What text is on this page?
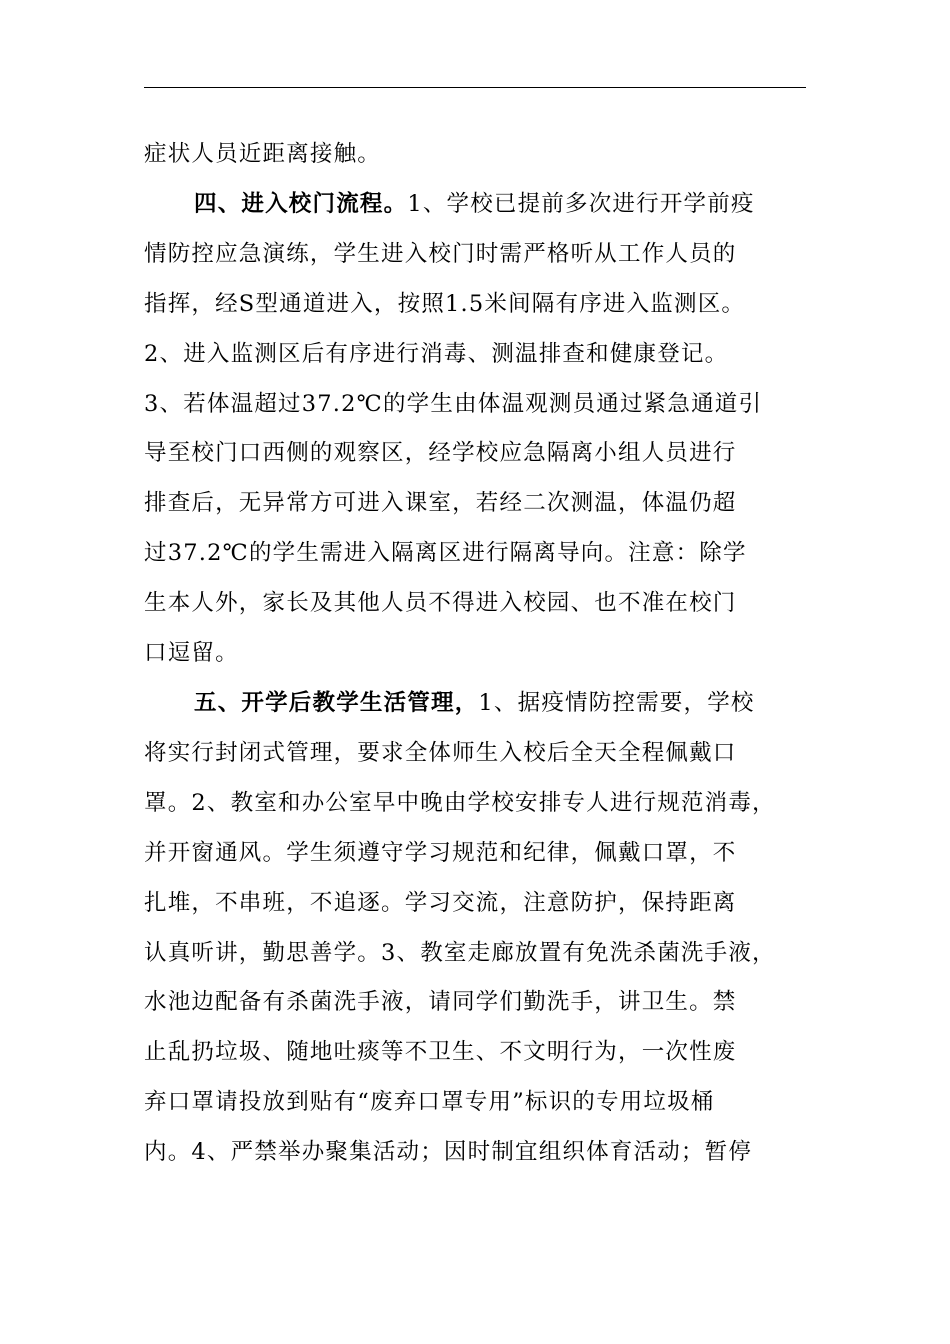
症状人员近距离接触。
四、进入校门流程。1、学校已提前多次进行开学前疫
情防控应急演练，学生进入校门时需严格听从工作人员的
指挥，经S型通道进入，按照1.5米间隔有序进入监测区。
2、进入监测区后有序进行消毒、测温排查和健康登记。
3、若体温超过37.2℃的学生由体温观测员通过紧急通道引
导至校门口西侧的观察区，经学校应急隔离小组人员进行
排查后，无异常方可进入课室，若经二次测温，体温仍超
过37.2℃的学生需进入隔离区进行隔离导向。注意：除学
生本人外，家长及其他人员不得进入校园、也不准在校门
口逗留。
五、开学后教学生活管理，1、据疫情防控需要，学校
将实行封闭式管理，要求全体师生入校后全天全程佩戴口
罩。2、教室和办公室早中晚由学校安排专人进行规范消毒，
并开窗通风。学生须遵守学习规范和纪律，佩戴口罩，不
扎堆，不串班，不追逐。学习交流，注意防护，保持距离
认真听讲，勤思善学。3、教室走廊放置有免洗杀菌洗手液，
水池边配备有杀菌洗手液，请同学们勤洗手，讲卫生。禁
止乱扔垃圾、随地吐痰等不卫生、不文明行为，一次性废
弃口罩请投放到贴有“废弃口罩专用”标识的专用垃圾桶
内。4、严禁举办聚集活动；因时制宜组织体育活动；暂停
